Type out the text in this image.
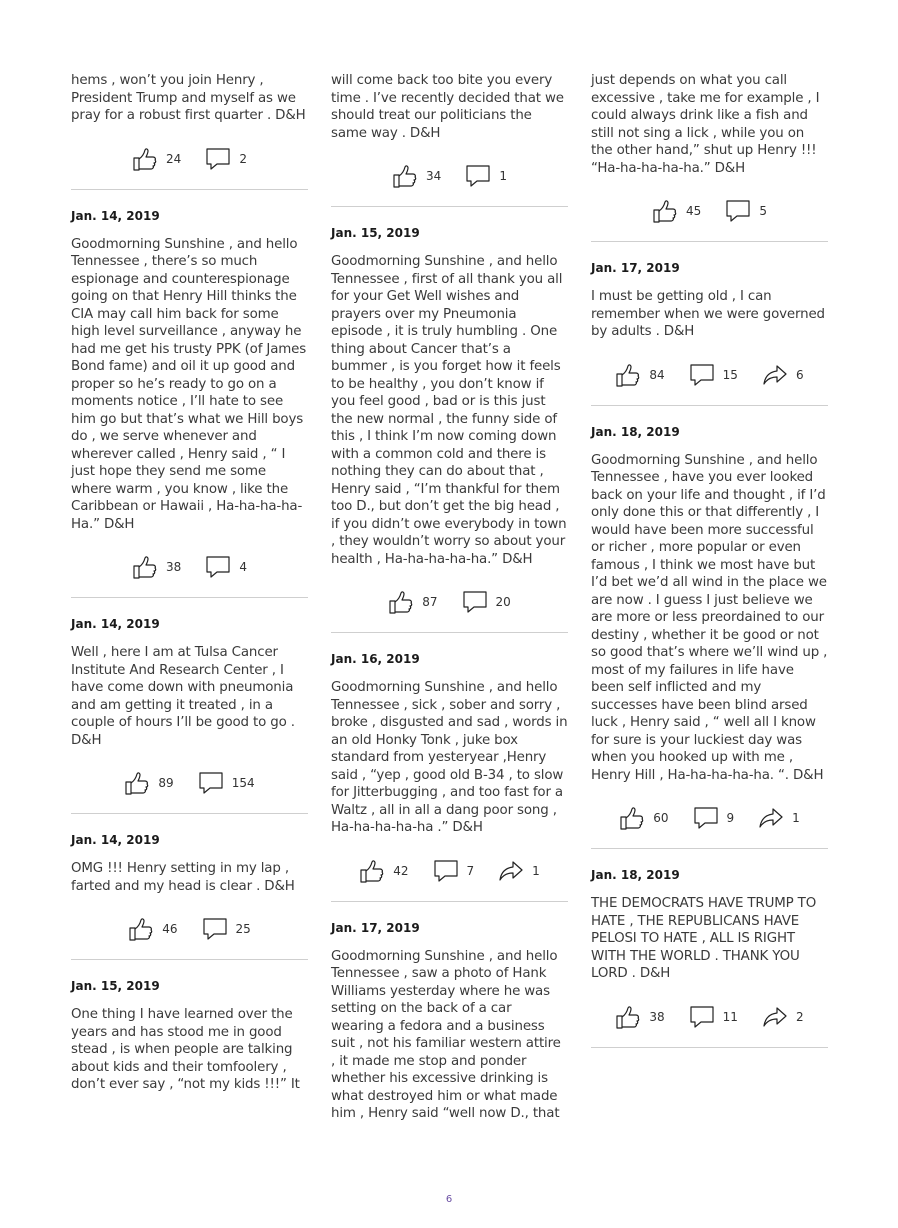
hems , won’t you join Henry , President Trump and myself as we pray for a robust first quarter . D&H

24	2
Jan. 14, 2019

Goodmorning Sunshine , and hello Tennessee , there’s so much espionage and counterespionage going on that Henry Hill thinks the CIA may call him back for some high level surveillance , anyway he had me get his trusty PPK (of James Bond fame) and oil it up good and proper so he’s ready to go on a moments notice , I’ll hate to see him go but that’s what we Hill boys do , we serve whenever and wherever called , Henry said , “ I just hope they send me some where warm , you know , like the Caribbean or Hawaii , Ha-ha-ha-ha-Ha.” D&H

38	4
Jan. 14, 2019

Well , here I am at Tulsa Cancer Institute And Research Center , I have come down with pneumonia and am getting it treated , in a couple of hours I’ll be good to go . D&H

89	154
Jan. 14, 2019

OMG !!! Henry setting in my lap , farted and my head is clear . D&H

46	25
Jan. 15, 2019

One thing I have learned over the years and has stood me in good stead , is when people are talking about kids and their tomfoolery , don’t ever say , “not my kids !!!” It

will come back too bite you every time . I’ve recently decided that we should treat our politicians the same way . D&H

34	1
Jan. 15, 2019

Goodmorning Sunshine , and hello Tennessee , first of all thank you all for your Get Well wishes and prayers over my Pneumonia episode , it is truly humbling . One thing about Cancer that’s a bummer , is you forget how it feels to be healthy , you don’t know if you feel good , bad or is this just the new normal , the funny side of this , I think I’m now coming down with a common cold and there is nothing they can do about that , Henry said , “I’m thankful for them too D., but don’t get the big head , if you didn’t owe everybody in town , they wouldn’t worry so about your health , Ha-ha-ha-ha-ha.” D&H

87	20
Jan. 16, 2019

Goodmorning Sunshine , and hello Tennessee , sick , sober and sorry , broke , disgusted and sad , words in an old Honky Tonk , juke box standard from yesteryear ,Henry said , “yep , good old B-34 , to slow for Jitterbugging , and too fast for a Waltz , all in all a dang poor song , Ha-ha-ha-ha-ha .” D&H

42	7	1
Jan. 17, 2019

Goodmorning Sunshine , and hello Tennessee , saw a photo of Hank Williams yesterday where he was setting on the back of a car wearing a fedora and a business suit , not his familiar western attire , it made me stop and ponder whether his excessive drinking is what destroyed him or what made him , Henry said “well now D., that

just depends on what you call excessive , take me for example , I could always drink like a fish and still not sing a lick , while you on the other hand,” shut up Henry !!! “Ha-ha-ha-ha-ha.” D&H

45	5
Jan. 17, 2019

I must be getting old , I can remember when we were governed by adults . D&H

84	15	6
Jan. 18, 2019

Goodmorning Sunshine , and hello Tennessee , have you ever looked back on your life and thought , if I’d only done this or that differently , I would have been more successful or richer , more popular or even famous , I think we most have but I’d bet we’d all wind in the place we are now . I guess I just believe we are more or less preordained to our destiny , whether it be good or not so good that’s where we’ll wind up , most of my failures in life have been self inflicted and my successes have been blind arsed luck , Henry said , “ well all I know for sure is your luckiest day was when you hooked up with me , Henry Hill , Ha-ha-ha-ha-ha. “. D&H

60	9	1
Jan. 18, 2019

THE DEMOCRATS HAVE TRUMP TO HATE , THE REPUBLICANS HAVE PELOSI TO HATE , ALL IS RIGHT WITH THE WORLD . THANK YOU LORD . D&H

38	11	2
6
